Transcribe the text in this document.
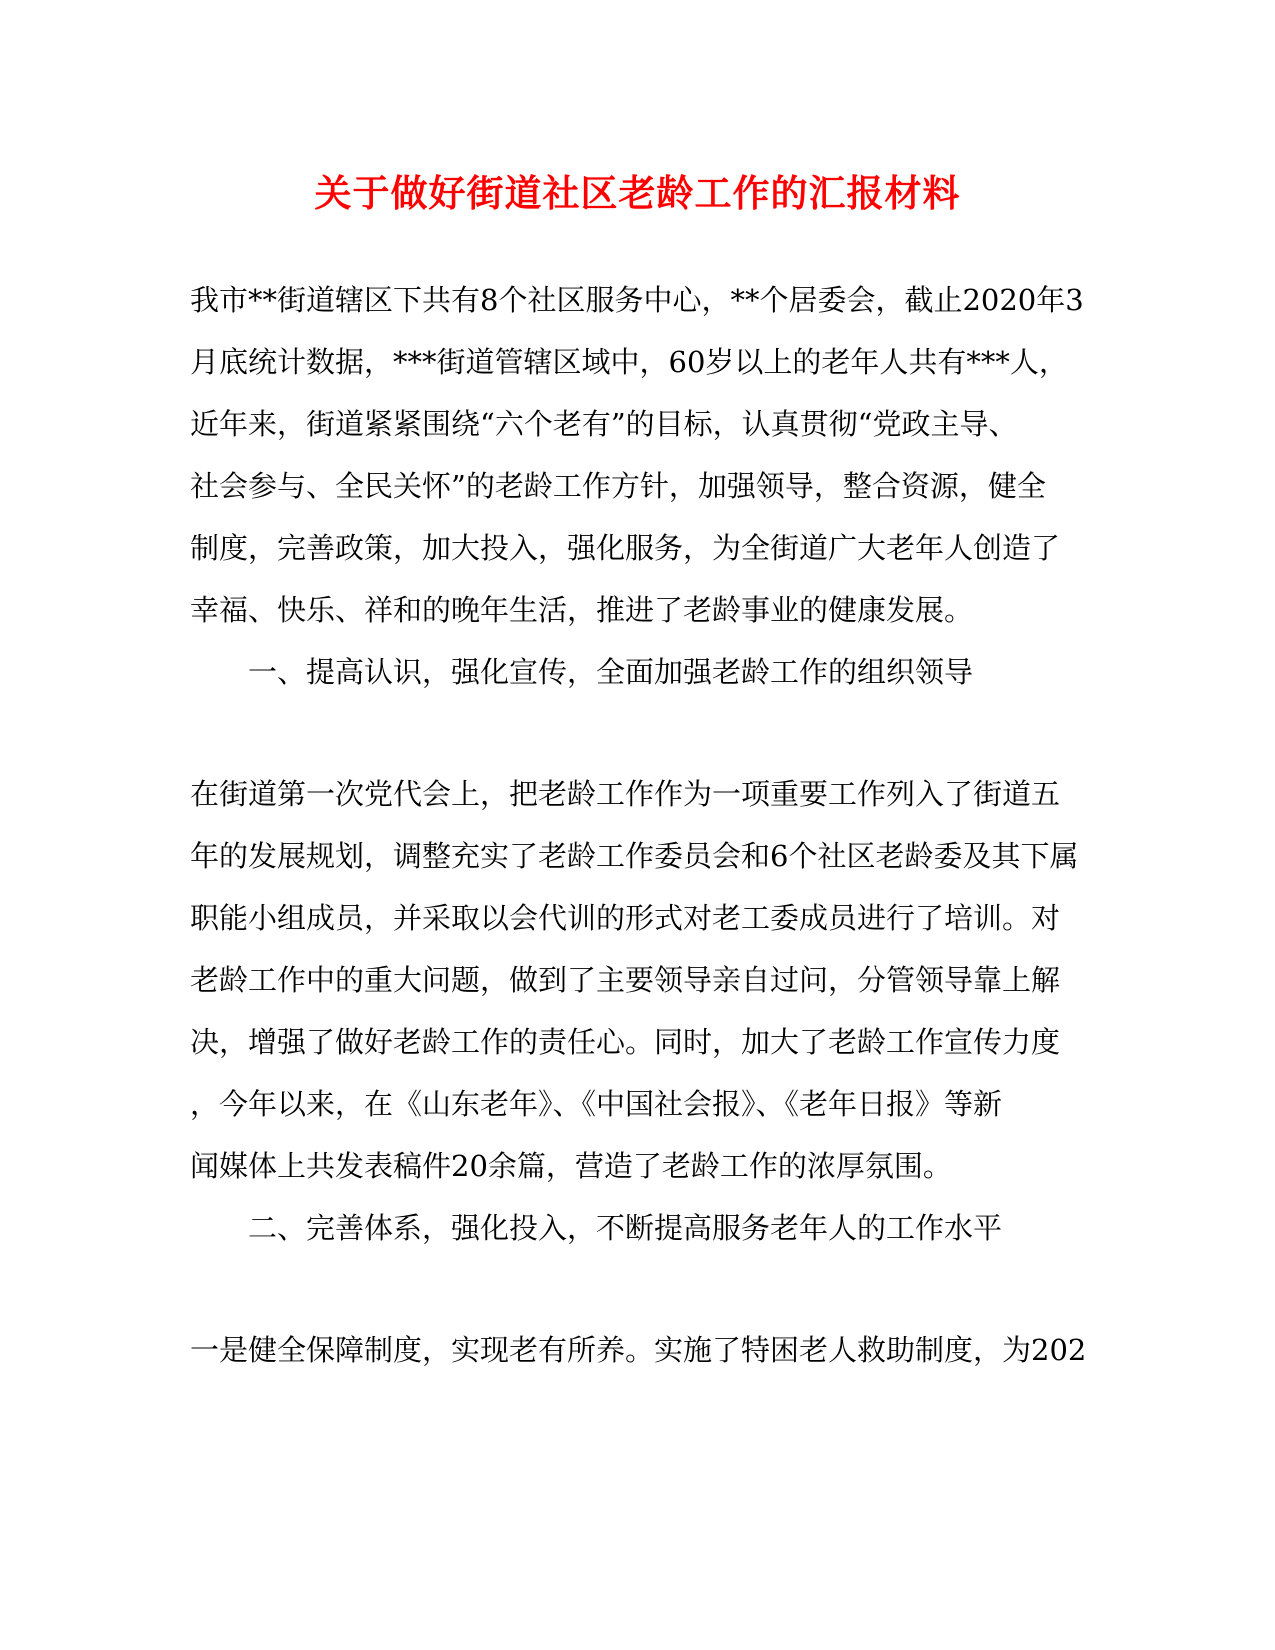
关于做好街道社区老龄工作的汇报材料
我市**街道辖区下共有8个社区服务中心，**个居委会，截止2020年3
月底统计数据，***街道管辖区域中，60岁以上的老年人共有***人，
近年来，街道紧紧围绕“六个老有”的目标，认真贯彻“党政主导、
社会参与、全民关怀”的老龄工作方针，加强领导，整合资源，健全
制度，完善政策，加大投入，强化服务，为全街道广大老年人创造了
幸福、快乐、祥和的晚年生活，推进了老龄事业的健康发展。
一、提高认识，强化宣传，全面加强老龄工作的组织领导
在街道第一次党代会上，把老龄工作作为一项重要工作列入了街道五
年的发展规划，调整充实了老龄工作委员会和6个社区老龄委及其下属
职能小组成员，并采取以会代训的形式对老工委成员进行了培训。对
老龄工作中的重大问题，做到了主要领导亲自过问，分管领导靠上解
决，增强了做好老龄工作的责任心。同时，加大了老龄工作宣传力度
，今年以来，在《山东老年》、《中国社会报》、《老年日报》等新
闻媒体上共发表稿件20余篇，营造了老龄工作的浓厚氛围。
二、完善体系，强化投入，不断提高服务老年人的工作水平
一是健全保障制度，实现老有所养。实施了特困老人救助制度，为202
